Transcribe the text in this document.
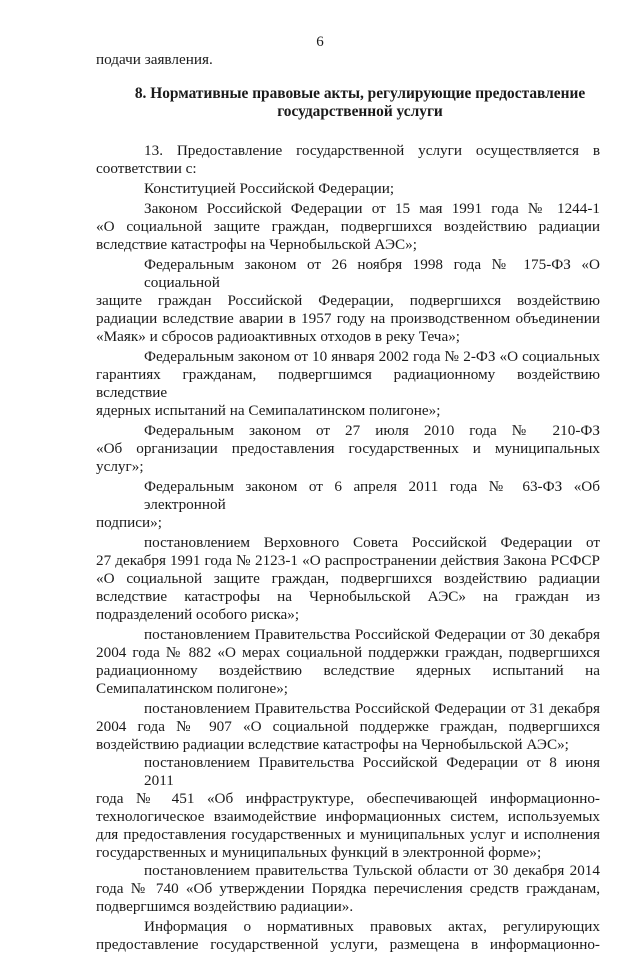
6
подачи заявления.
8. Нормативные правовые акты, регулирующие предоставление
государственной услуги

13. Предоставление государственной услуги осуществляется в
соответствии с:

Конституцией Российской Федерации;

Законом Российской Федерации от 15 мая 1991 года № 1244-1
«О социальной защите граждан, подвергшихся воздействию радиации
вследствие катастрофы на Чернобыльской АЭС»;

Федеральным законом от 26 ноября 1998 года № 175-ФЗ «О социальной
защите граждан Российской Федерации, подвергшихся воздействию
радиации вследствие аварии в 1957 году на производственном объединении
«Маяк» и сбросов радиоактивных отходов в реку Теча»;

Федеральным законом от 10 января 2002 года № 2-ФЗ «О социальных
гарантиях гражданам, подвергшимся радиационному воздействию вследствие
ядерных испытаний на Семипалатинском полигоне»;

Федеральным законом от 27 июля 2010 года № 210-ФЗ
«Об организации предоставления государственных и муниципальных
услуг»;

Федеральным законом от 6 апреля 2011 года № 63-ФЗ «Об электронной
подписи»;

постановлением Верховного Совета Российской Федерации от
27 декабря 1991 года № 2123-1 «О распространении действия Закона РСФСР
«О социальной защите граждан, подвергшихся воздействию радиации
вследствие катастрофы на Чернобыльской АЭС» на граждан из
подразделений особого риска»;

постановлением Правительства Российской Федерации от 30 декабря
2004 года № 882 «О мерах социальной поддержки граждан, подвергшихся
радиационному воздействию вследствие ядерных испытаний на
Семипалатинском полигоне»;

постановлением Правительства Российской Федерации от 31 декабря
2004 года № 907 «О социальной поддержке граждан, подвергшихся
воздействию радиации вследствие катастрофы на Чернобыльской АЭС»;

постановлением Правительства Российской Федерации от 8 июня 2011
года № 451 «Об инфраструктуре, обеспечивающей информационно-
технологическое взаимодействие информационных систем, используемых
для предоставления государственных и муниципальных услуг и исполнения
государственных и муниципальных функций в электронной форме»;

постановлением правительства Тульской области от 30 декабря 2014
года № 740 «Об утверждении Порядка перечисления средств гражданам,
подвергшимся воздействию радиации».

Информация о нормативных правовых актах, регулирующих
предоставление государственной услуги, размещена в информационно-
